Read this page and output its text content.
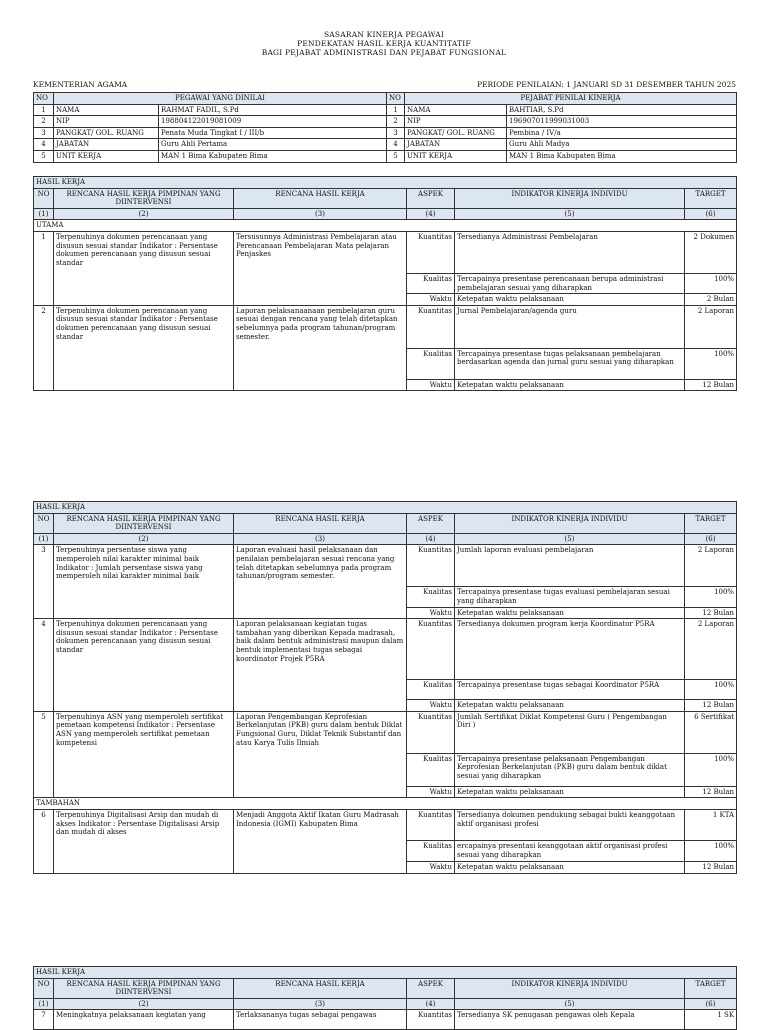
SASARAN KINERJA PEGAWAI
PENDEKATAN HASIL KERJA KUANTITATIF
BAGI PEJABAT ADMINISTRASI DAN PEJABAT FUNGSIONAL
KEMENTERIAN AGAMA	PERIODE PENILAIAN: 1 JANUARI SD 31 DESEMBER TAHUN 2025
NO	PEGAWAI YANG DINILAI		NO	PEJABAT PENILAI KINERJA	
1	NAMA	RAHMAT FADIL, S.Pd	1	NAMA	BAHTIAR, S.Pd
2	NIP	198804122019081009	2	NIP	196907011999031003
3	PANGKAT/ GOL. RUANG	Penata Muda Tingkat I / III/b	3	PANGKAT/ GOL. RUANG	Pembina / IV/a
4	JABATAN	Guru Ahli Pertama	4	JABATAN	Guru Ahli Madya
5	UNIT KERJA	MAN 1 Bima Kabupaten Bima	5	UNIT KERJA	MAN 1 Bima Kabupaten Bima
HASIL KERJA					
NO	RENCANA HASIL KERJA PIMPINAN YANG DIINTERVENSI	RENCANA HASIL KERJA	ASPEK	INDIKATOR KINERJA INDIVIDU	TARGET
(1)	(2)	(3)	(4)	(5)	(6)
UTAMA					
1	Terpenuhinya dokumen perencanaan yang disusun sesuai standar Indikator : Persentase dokumen perencanaan yang disusun sesuai standar	Tersusunnya Administrasi Pembelajaran atau Perencanaan Pembelajaran Mata pelajaran Penjaskes	Kuantitas	Tersedianya Administrasi Pembelajaran	2 Dokumen
			Kualitas	Tercapainya presentase perencanaan berupa administrasi pembelajaran sesuai yang diharapkan	100%
			Waktu	Ketepatan waktu pelaksanaan	2 Bulan
2	Terpenuhinya dokumen perencanaan yang disusun sesuai standar Indikator : Persentase dokumen perencanaan yang disusun sesuai standar	Laporan pelaksanaanaan pembelajaran guru sesuai dengan rencana yang telah ditetapkan sebelumnya pada program tahunan/program semester.	Kuantitas	Jurnal Pembelajaran/agenda guru	2 Laporan
			Kualitas	Tercapainya presentase tugas pelaksanaan pembelajaran berdasarkan agenda dan jurnal guru sesuai yang diharapkan	100%
			Waktu	Ketepatan waktu pelaksanaan	12 Bulan
HASIL KERJA					
NO	RENCANA HASIL KERJA PIMPINAN YANG DIINTERVENSI	RENCANA HASIL KERJA	ASPEK	INDIKATOR KINERJA INDIVIDU	TARGET
(1)	(2)	(3)	(4)	(5)	(6)
3	Terpenuhinya persentase siswa yang memperoleh nilai karakter minimal baik Indikator : Jumlah persentase siswa yang memperoleh nilai karakter minimal baik	Laporan evaluasi hasil pelaksanaan dan penilaian pembelajaran sesuai rencana yang telah ditetapkan sebelumnya pada program tahunan/program semester.	Kuantitas	Jumlah laporan evaluasi pembelajaran	2 Laporan
			Kualitas	Tercapainya presentase tugas evaluasi pembelajaran sesuai yang diharapkan	100%
			Waktu	Ketepatan waktu pelaksanaan	12 Bulan
4	Terpenuhinya dokumen perencanaan yang disusun sesuai standar Indikator : Persentase dokumen perencanaan yang disusun sesuai standar	Laporan pelaksanaan kegiatan tugas tambahan yang diberikan Kepada madrasah, baik dalam bentuk administrasi maupun dalam bentuk implementasi tugas sebagai koordinator Projek P5RA	Kuantitas	Tersedianya dokumen program kerja Koordinator P5RA	2 Laporan
			Kualitas	Tercapainya presentase tugas sebagai Koordinator P5RA	100%
			Waktu	Ketepatan waktu pelaksanaan	12 Bulan
5	Terpenuhinya ASN yang memperoleh sertifikat pemetaan kompetensi Indikator : Persentase ASN yang memperoleh sertifikat pemetaan kompetensi	Laporan Pengembangan Keprofesian Berkelanjutan (PKB) guru dalam bentuk Diklat Fungsional Guru, Diklat Teknik Substantif dan atau Karya Tulis Ilmiah	Kuantitas	Jumlah Sertifikat Diklat Kompetensi Guru ( Pengembangan Diri )	6 Sertifikat
			Kualitas	Tercapainya presentase pelaksanaan Pengembangan Keprofesian Berkelanjutan (PKB) guru dalam bentuk diklat sesuai yang diharapkan	100%
			Waktu	Ketepatan waktu pelaksanaan	12 Bulan
TAMBAHAN					
6	Terpenuhinya Digitalisasi Arsip dan mudah di akses Indikator : Persentase Digitalisasi Arsip dan mudah di akses	Menjadi Anggota Aktif Ikatan Guru Madrasah Indonesia (IGMI) Kabupaten Bima	Kuantitas	Tersedianya dokumen pendukung sebagai bukti keanggotaan aktif organisasi profesi	1 KTA
			Kualitas	ercapainya presentasi keanggotaan aktif organisasi profesi sesuai yang diharapkan	100%
			Waktu	Ketepatan waktu pelaksanaan	12 Bulan
HASIL KERJA					
NO	RENCANA HASIL KERJA PIMPINAN YANG DIINTERVENSI	RENCANA HASIL KERJA	ASPEK	INDIKATOR KINERJA INDIVIDU	TARGET
(1)	(2)	(3)	(4)	(5)	(6)
7	Meningkatnya pelaksanaan kegiatan yang	Terlaksananya tugas sebagai pengawas	Kuantitas	Tersedianya SK penugasan pengawas oleh Kepala	1 SK
